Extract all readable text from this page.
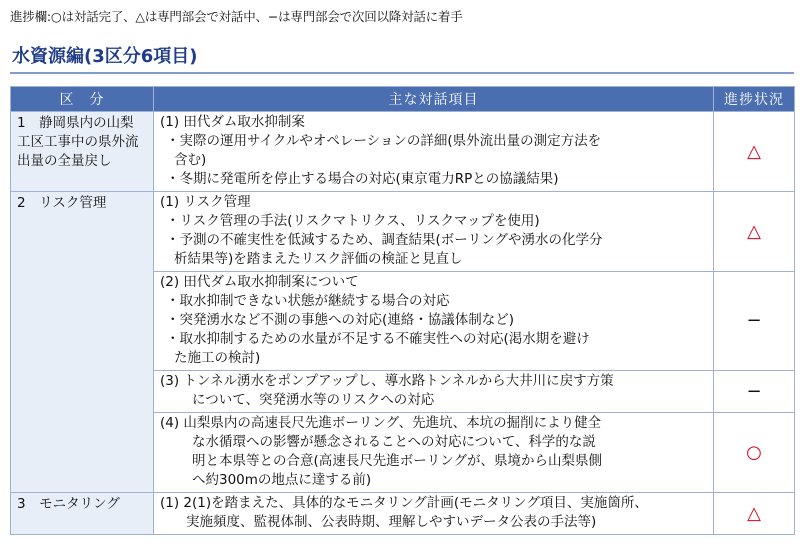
進捗欄:○は対話完了、△は専門部会で対話中、−は専門部会で次回以降対話に着手
水資源編(3区分6項目)
区　分	主な対話項目	進捗状況
1　静岡県内の山梨工区工事中の県外流出量の全量戻し	(1) 田代ダム取水抑制案
・実際の運用サイクルやオペレーションの詳細(県外流出量の測定方法を
含む)
・冬期に発電所を停止する場合の対応(東京電力RPとの協議結果)	△
2　リスク管理	(1) リスク管理
・リスク管理の手法(リスクマトリクス、リスクマップを使用)
・予測の不確実性を低減するため、調査結果(ボーリングや湧水の化学分
析結果等)を踏まえたリスク評価の検証と見直し	△

	(2) 田代ダム取水抑制案について
・取水抑制できない状態が継続する場合の対応
・突発湧水など不測の事態への対応(連絡・協議体制など)
・取水抑制するための水量が不足する不確実性への対応(渇水期を避け
た施工の検討)	−

	(3) トンネル湧水をポンプアップし、導水路トンネルから大井川に戻す方策
について、突発湧水等のリスクへの対応	−

	(4) 山梨県内の高速長尺先進ボーリング、先進坑、本坑の掘削により健全
な水循環への影響が懸念されることへの対応について、科学的な説
明と本県等との合意(高速長尺先進ボーリングが、県境から山梨県側
へ約300mの地点に達する前)	○
3　モニタリング	(1) 2(1)を踏まえた、具体的なモニタリング計画(モニタリング項目、実施箇所、
実施頻度、監視体制、公表時期、理解しやすいデータ公表の手法等)	△
